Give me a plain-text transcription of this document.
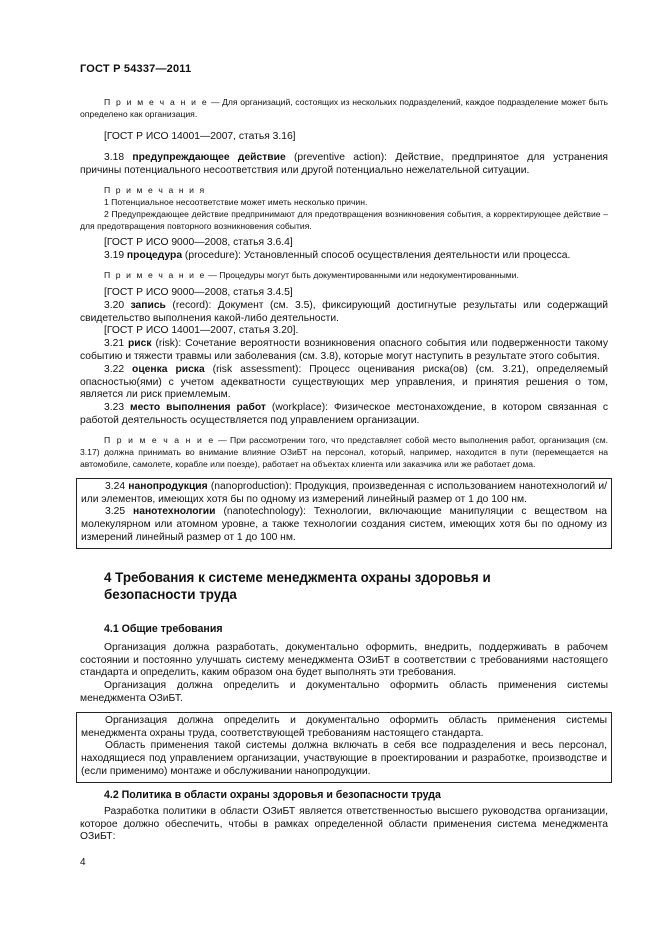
ГОСТ Р 54337—2011

П р и м е ч а н и е — Для организаций, состоящих из нескольких подразделений, каждое подразделение может быть определено как организация.

[ГОСТ Р ИСО 14001—2007, статья 3.16]

3.18 предупреждающее действие (preventive action): Действие, предпринятое для устранения причины потенциального несоответствия или другой потенциально нежелательной ситуации.

П р и м е ч а н и я

1 Потенциальное несоответствие может иметь несколько причин.

2 Предупреждающее действие предпринимают для предотвращения возникновения события, а корректирующее действие – для предотвращения повторного возникновения события.

[ГОСТ Р ИСО 9000—2008, статья 3.6.4]

3.19 процедура (procedure): Установленный способ осуществления деятельности или процесса.

П р и м е ч а н и е — Процедуры могут быть документированными или недокументированными.

[ГОСТ Р ИСО 9000—2008, статья 3.4.5]

3.20 запись (record): Документ (см. 3.5), фиксирующий достигнутые результаты или содержащий свидетельство выполнения какой-либо деятельности.

[ГОСТ Р ИСО 14001—2007, статья 3.20].

3.21 риск (risk): Сочетание вероятности возникновения опасного события или подверженности такому событию и тяжести травмы или заболевания (см. 3.8), которые могут наступить в результате этого события.

3.22 оценка риска (risk assessment): Процесс оценивания риска(ов) (см. 3.21), определяемый опасностью(ями) с учетом адекватности существующих мер управления, и принятия решения о том, является ли риск приемлемым.

3.23 место выполнения работ (workplace): Физическое местонахождение, в котором связанная с работой деятельность осуществляется под управлением организации.

П р и м е ч а н и е — При рассмотрении того, что представляет собой место выполнения работ, организация (см. 3.17) должна принимать во внимание влияние ОЗиБТ на персонал, который, например, находится в пути (перемещается на автомобиле, самолете, корабле или поезде), работает на объектах клиента или заказчика или же работает дома.

3.24 нанопродукция (nanoproduction): Продукция, произведенная с использованием нанотехнологий и/или элементов, имеющих хотя бы по одному из измерений линейный размер от 1 до 100 нм.

3.25 нанотехнологии (nanotechnology): Технологии, включающие манипуляции с веществом на молекулярном или атомном уровне, а также технологии создания систем, имеющих хотя бы по одному из измерений линейный размер от 1 до 100 нм.

4 Требования к системе менеджмента охраны здоровья и безопасности труда

4.1 Общие требования

Организация должна разработать, документально оформить, внедрить, поддерживать в рабочем состоянии и постоянно улучшать систему менеджмента ОЗиБТ в соответствии с требованиями настоящего стандарта и определить, каким образом она будет выполнять эти требования.

Организация должна определить и документально оформить область применения системы менеджмента ОЗиБТ.

Организация должна определить и документально оформить область применения системы менеджмента охраны труда, соответствующей требованиям настоящего стандарта.

Область применения такой системы должна включать в себя все подразделения и весь персонал, находящиеся под управлением организации, участвующие в проектировании и разработке, производстве и (если применимо) монтаже и обслуживании нанопродукции.

4.2 Политика в области охраны здоровья и безопасности труда

Разработка политики в области ОЗиБТ является ответственностью высшего руководства организации, которое должно обеспечить, чтобы в рамках определенной области применения система менеджмента ОЗиБТ:

4
